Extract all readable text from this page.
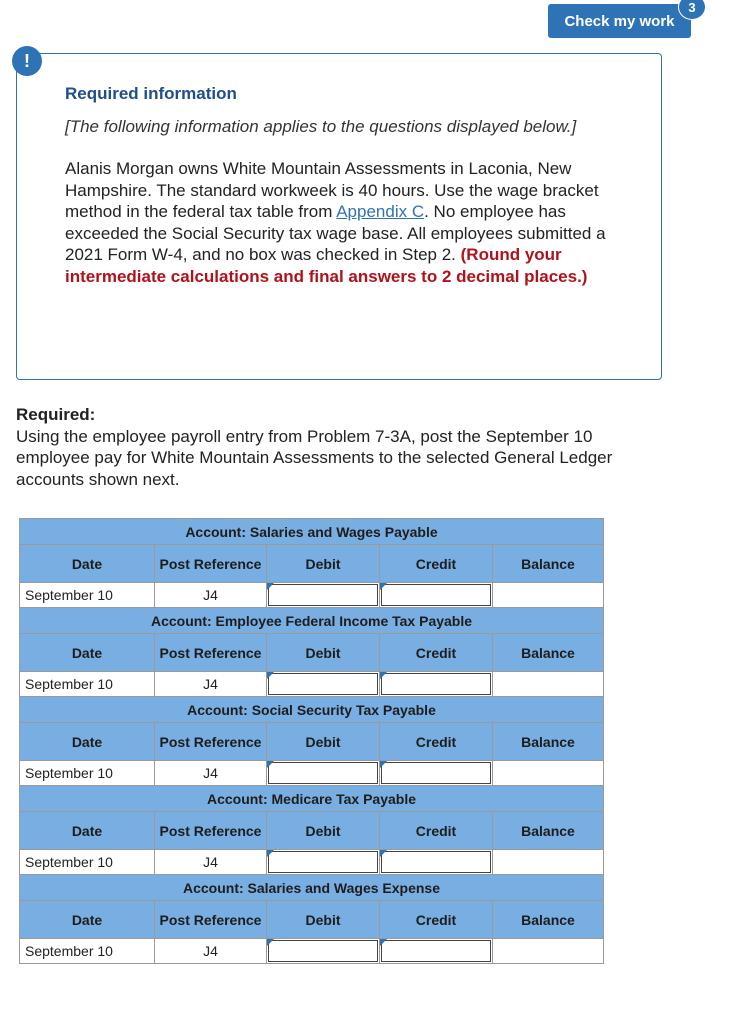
Check my work
3
Required information
[The following information applies to the questions displayed below.]
Alanis Morgan owns White Mountain Assessments in Laconia, New Hampshire. The standard workweek is 40 hours. Use the wage bracket method in the federal tax table from Appendix C. No employee has exceeded the Social Security tax wage base. All employees submitted a 2021 Form W-4, and no box was checked in Step 2. (Round your intermediate calculations and final answers to 2 decimal places.)
!
Required:
Using the employee payroll entry from Problem 7-3A, post the September 10 employee pay for White Mountain Assessments to the selected General Ledger accounts shown next.
Account: Salaries and Wages Payable				
Date	Post Reference	Debit	Credit	Balance
September 10	J4	

Account: Employee Federal Income Tax Payable				
Date	Post Reference	Debit	Credit	Balance
September 10	J4	

Account: Social Security Tax Payable				
Date	Post Reference	Debit	Credit	Balance
September 10	J4	

Account: Medicare Tax Payable				
Date	Post Reference	Debit	Credit	Balance
September 10	J4	

Account: Salaries and Wages Expense				
Date	Post Reference	Debit	Credit	Balance
September 10	J4	
